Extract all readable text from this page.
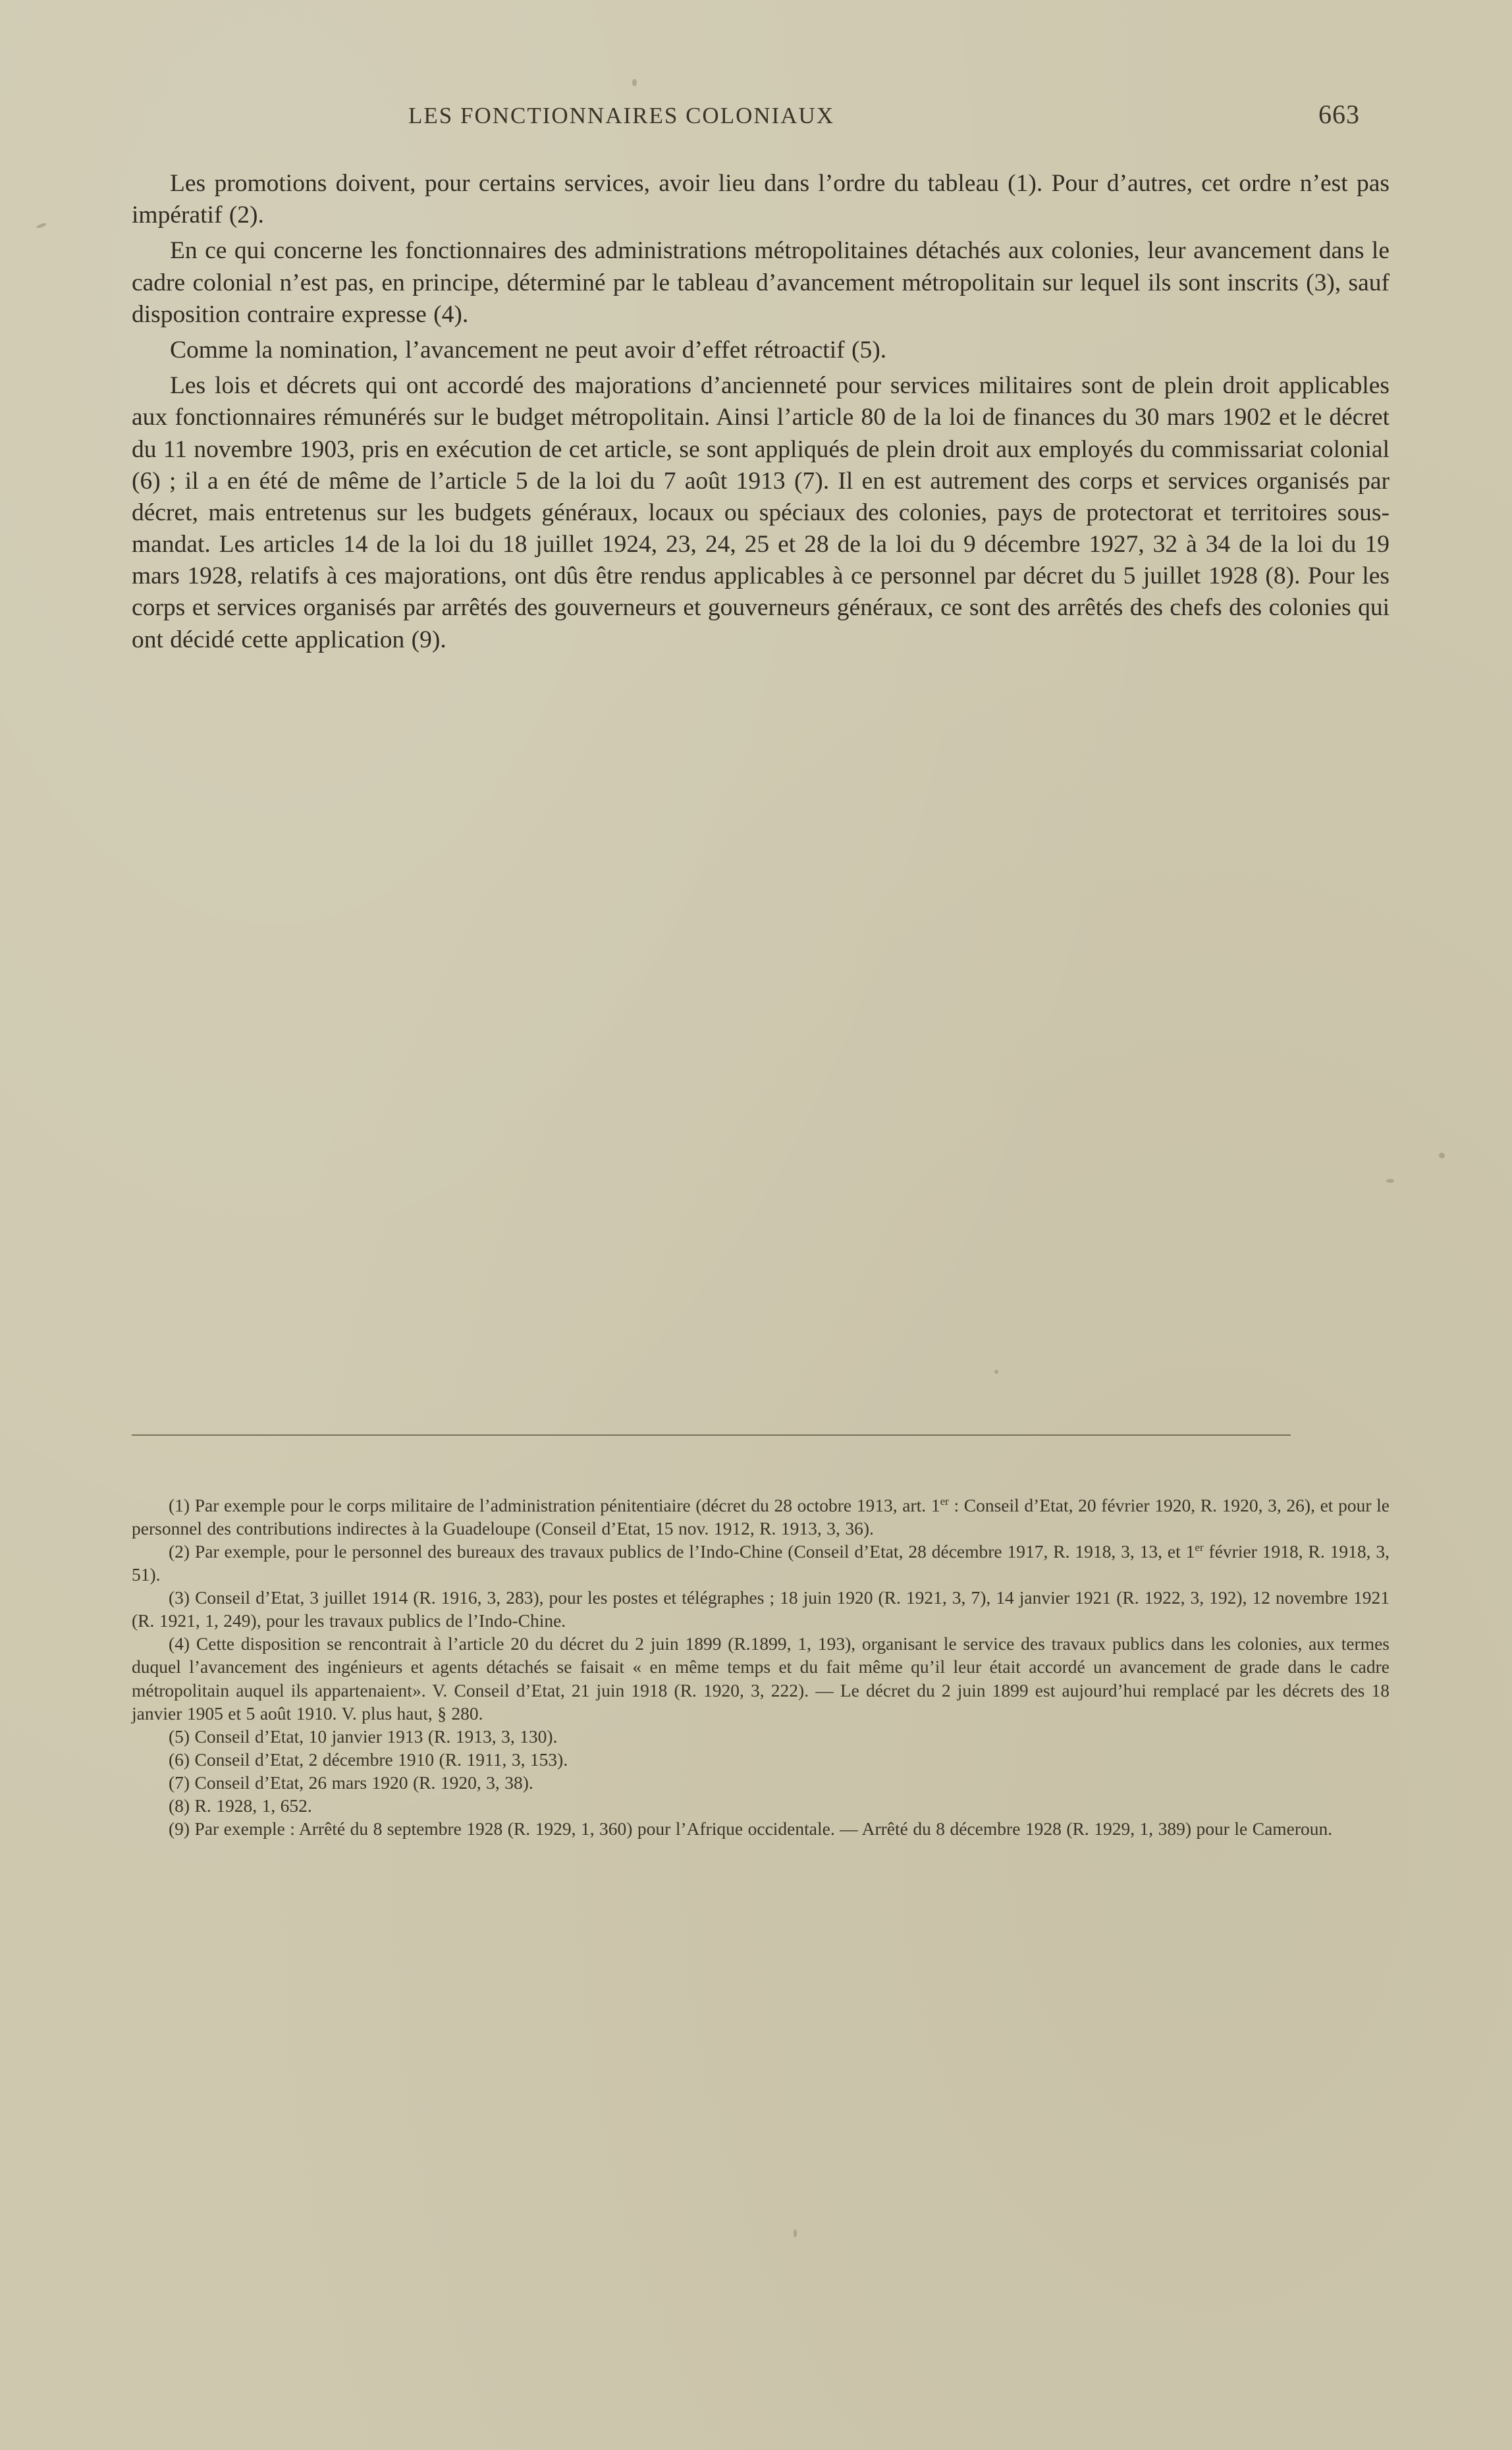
LES FONCTIONNAIRES COLONIAUX	663

Les promotions doivent, pour certains services, avoir lieu dans l’ordre du tableau (1). Pour d’autres, cet ordre n’est pas impératif (2).

En ce qui concerne les fonctionnaires des administrations métropolitaines détachés aux colonies, leur avancement dans le cadre colonial n’est pas, en principe, déterminé par le tableau d’avancement métropolitain sur lequel ils sont inscrits (3), sauf disposition contraire expresse (4).

Comme la nomination, l’avancement ne peut avoir d’effet rétroactif (5).

Les lois et décrets qui ont accordé des majorations d’ancienneté pour services militaires sont de plein droit applicables aux fonctionnaires rémunérés sur le budget métropolitain. Ainsi l’article 80 de la loi de finances du 30 mars 1902 et le décret du 11 novembre 1903, pris en exécution de cet article, se sont appliqués de plein droit aux employés du commissariat colonial (6) ; il a en été de même de l’article 5 de la loi du 7 août 1913 (7). Il en est autrement des corps et services organisés par décret, mais entretenus sur les budgets généraux, locaux ou spéciaux des colonies, pays de protectorat et territoires sous-mandat. Les articles 14 de la loi du 18 juillet 1924, 23, 24, 25 et 28 de la loi du 9 décembre 1927, 32 à 34 de la loi du 19 mars 1928, relatifs à ces majorations, ont dûs être rendus applicables à ce personnel par décret du 5 juillet 1928 (8). Pour les corps et services organisés par arrêtés des gouverneurs et gouverneurs généraux, ce sont des arrêtés des chefs des colonies qui ont décidé cette application (9).

(1) Par exemple pour le corps militaire de l’administration pénitentiaire (décret du 28 octobre 1913, art. 1er : Conseil d’Etat, 20 février 1920, R. 1920, 3, 26), et pour le personnel des contributions indirectes à la Guadeloupe (Conseil d’Etat, 15 nov. 1912, R. 1913, 3, 36).

(2) Par exemple, pour le personnel des bureaux des travaux publics de l’Indo-Chine (Conseil d’Etat, 28 décembre 1917, R. 1918, 3, 13, et 1er février 1918, R. 1918, 3, 51).

(3) Conseil d’Etat, 3 juillet 1914 (R. 1916, 3, 283), pour les postes et télégraphes ; 18 juin 1920 (R. 1921, 3, 7), 14 janvier 1921 (R. 1922, 3, 192), 12 novembre 1921 (R. 1921, 1, 249), pour les travaux publics de l’Indo-Chine.

(4) Cette disposition se rencontrait à l’article 20 du décret du 2 juin 1899 (R.1899, 1, 193), organisant le service des travaux publics dans les colonies, aux termes duquel l’avancement des ingénieurs et agents détachés se faisait « en même temps et du fait même qu’il leur était accordé un avancement de grade dans le cadre métropolitain auquel ils appartenaient». V. Conseil d’Etat, 21 juin 1918 (R. 1920, 3, 222). — Le décret du 2 juin 1899 est aujourd’hui remplacé par les décrets des 18 janvier 1905 et 5 août 1910. V. plus haut, § 280.

(5) Conseil d’Etat, 10 janvier 1913 (R. 1913, 3, 130).

(6) Conseil d’Etat, 2 décembre 1910 (R. 1911, 3, 153).

(7) Conseil d’Etat, 26 mars 1920 (R. 1920, 3, 38).

(8) R. 1928, 1, 652.

(9) Par exemple : Arrêté du 8 septembre 1928 (R. 1929, 1, 360) pour l’Afrique occidentale. — Arrêté du 8 décembre 1928 (R. 1929, 1, 389) pour le Cameroun.
